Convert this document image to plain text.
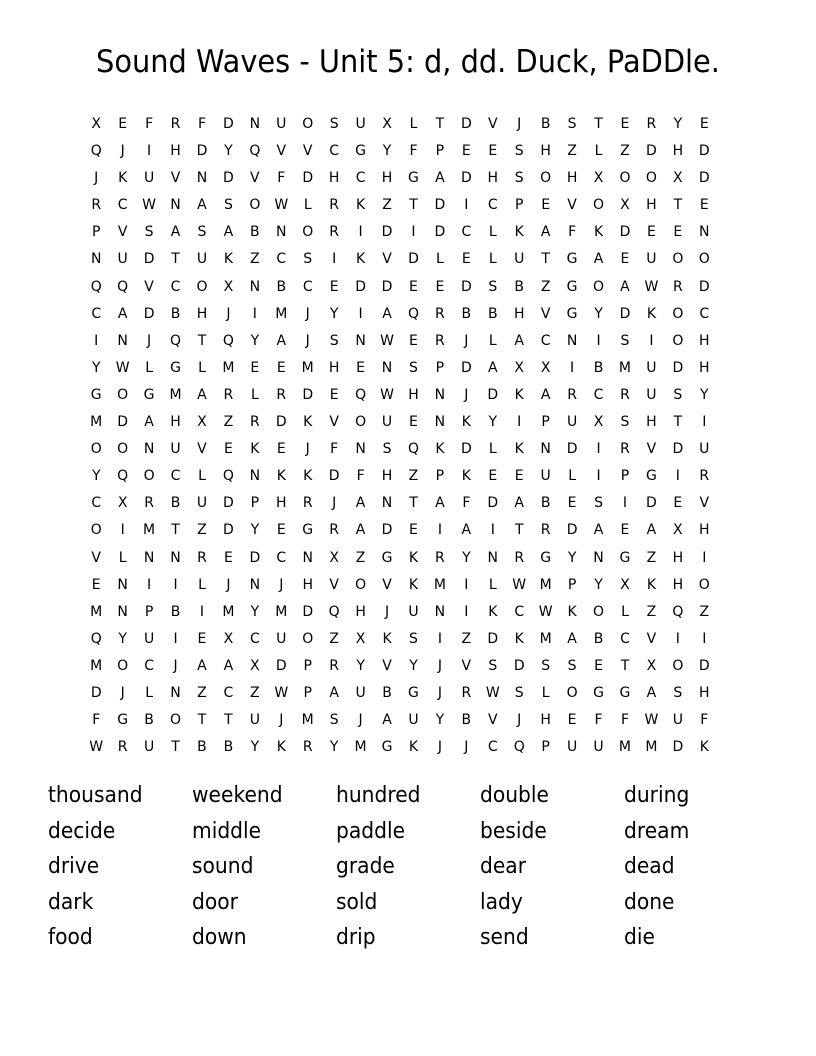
Sound Waves - Unit 5: d, dd. Duck, PaDDle.
X	E	F	R	F	D	N	U	O	S	U	X	L	T	D	V	J	B	S	T	E	R	Y	E
Q	J	I	H	D	Y	Q	V	V	C	G	Y	F	P	E	E	S	H	Z	L	Z	D	H	D
J	K	U	V	N	D	V	F	D	H	C	H	G	A	D	H	S	O	H	X	O	O	X	D
R	C	W	N	A	S	O	W	L	R	K	Z	T	D	I	C	P	E	V	O	X	H	T	E
P	V	S	A	S	A	B	N	O	R	I	D	I	D	C	L	K	A	F	K	D	E	E	N
N	U	D	T	U	K	Z	C	S	I	K	V	D	L	E	L	U	T	G	A	E	U	O	O
Q	Q	V	C	O	X	N	B	C	E	D	D	E	E	D	S	B	Z	G	O	A	W	R	D
C	A	D	B	H	J	I	M	J	Y	I	A	Q	R	B	B	H	V	G	Y	D	K	O	C
I	N	J	Q	T	Q	Y	A	J	S	N	W	E	R	J	L	A	C	N	I	S	I	O	H
Y	W	L	G	L	M	E	E	M	H	E	N	S	P	D	A	X	X	I	B	M	U	D	H
G	O	G	M	A	R	L	R	D	E	Q	W	H	N	J	D	K	A	R	C	R	U	S	Y
M	D	A	H	X	Z	R	D	K	V	O	U	E	N	K	Y	I	P	U	X	S	H	T	I
O	O	N	U	V	E	K	E	J	F	N	S	Q	K	D	L	K	N	D	I	R	V	D	U
Y	Q	O	C	L	Q	N	K	K	D	F	H	Z	P	K	E	E	U	L	I	P	G	I	R
C	X	R	B	U	D	P	H	R	J	A	N	T	A	F	D	A	B	E	S	I	D	E	V
O	I	M	T	Z	D	Y	E	G	R	A	D	E	I	A	I	T	R	D	A	E	A	X	H
V	L	N	N	R	E	D	C	N	X	Z	G	K	R	Y	N	R	G	Y	N	G	Z	H	I
E	N	I	I	L	J	N	J	H	V	O	V	K	M	I	L	W M	P	Y	X	K	H	O
M	N	P	B	I	M	Y	M	D	Q	H	J	U	N	I	K	C	W	K	O	L	Z	Q	Z
Q	Y	U	I	E	X	C	U	O	Z	X	K	S	I	Z	D	K	M	A	B	C	V	I	I
M	O	C	J	A	A	X	D	P	R	Y	V	Y	J	V	S	D	S	S	E	T	X	O	D
D	J	L	N	Z	C	Z	W	P	A	U	B	G	J	R	W	S	L	O	G	G	A	S	H
F	G	B	O	T	T	U	J	M	S	J	A	U	Y	B	V	J	H	E	F	F	W	U	F
W	R	U	T	B	B	Y	K	R	Y	M	G	K	J	J	C	Q	P	U	U	M	M	D	K
thousand	weekend	hundred	double	during
decide	middle	paddle	beside	dream
drive	sound	grade	dear	dead
dark	door	sold	lady	done
food	down	drip	send	die
